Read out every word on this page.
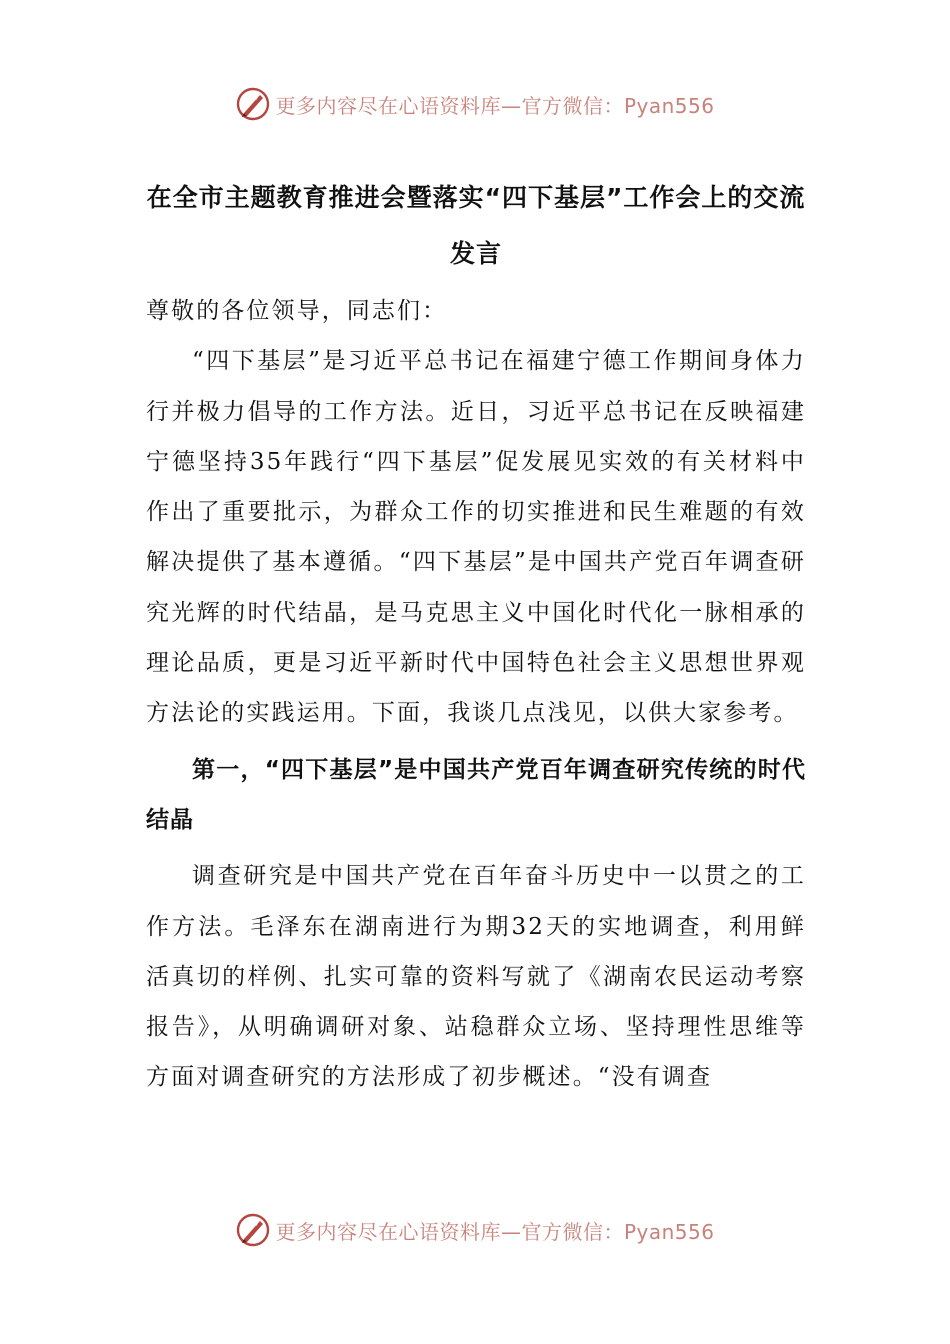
更多内容尽在心语资料库—官方微信：Pyan556
在全市主题教育推进会暨落实“四下基层”工作会上的交流发言

尊敬的各位领导，同志们：

“四下基层”是习近平总书记在福建宁德工作期间身体力行并极力倡导的工作方法。近日，习近平总书记在反映福建宁德坚持35年践行“四下基层”促发展见实效的有关材料中作出了重要批示，为群众工作的切实推进和民生难题的有效解决提供了基本遵循。“四下基层”是中国共产党百年调查研究光辉的时代结晶，是马克思主义中国化时代化一脉相承的理论品质，更是习近平新时代中国特色社会主义思想世界观方法论的实践运用。下面，我谈几点浅见，以供大家参考。

第一，“四下基层”是中国共产党百年调查研究传统的时代结晶

调查研究是中国共产党在百年奋斗历史中一以贯之的工作方法。毛泽东在湖南进行为期32天的实地调查，利用鲜活真切的样例、扎实可靠的资料写就了《湖南农民运动考察报告》，从明确调研对象、站稳群众立场、坚持理性思维等方面对调查研究的方法形成了初步概述。“没有调查

更多内容尽在心语资料库—官方微信：Pyan556
